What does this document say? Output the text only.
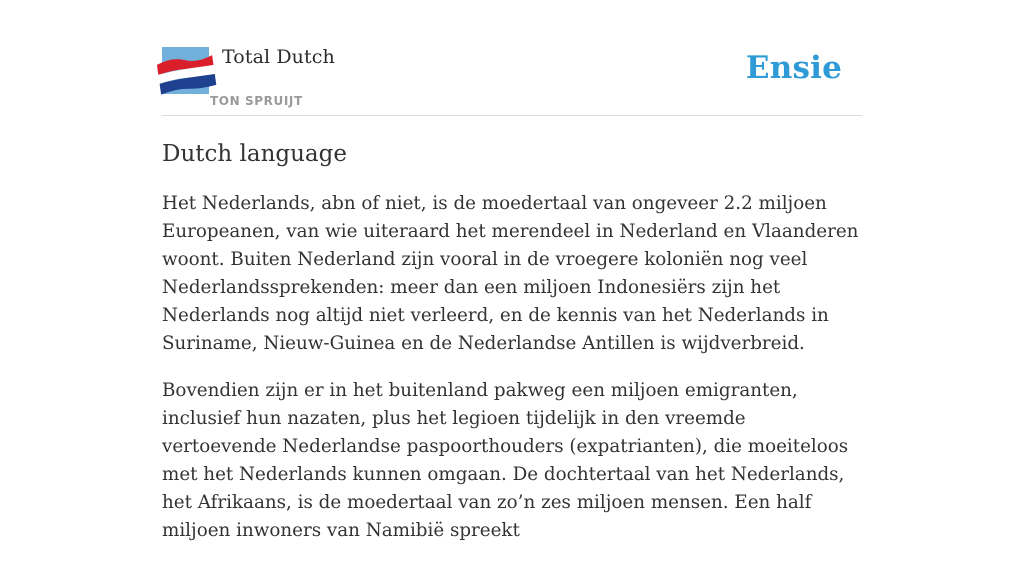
Total Dutch
TON SPRUIJT
Ensie
Dutch language

Het Nederlands, abn of niet, is de moedertaal van ongeveer 2.2 miljoen Europeanen, van wie uiteraard het merendeel in Nederland en Vlaanderen woont. Buiten Nederland zijn vooral in de vroegere koloniën nog veel Nederlandssprekenden: meer dan een miljoen Indonesiërs zijn het Nederlands nog altijd niet verleerd, en de kennis van het Nederlands in Suriname, Nieuw-Guinea en de Nederlandse Antillen is wijdverbreid.

Bovendien zijn er in het buitenland pakweg een miljoen emigranten, inclusief hun nazaten, plus het legioen tijdelijk in den vreemde vertoevende Nederlandse paspoorthouders (expatrianten), die moeiteloos met het Nederlands kunnen omgaan. De dochtertaal van het Nederlands, het Afrikaans, is de moedertaal van zo’n zes miljoen mensen. Een half miljoen inwoners van Namibië spreekt
